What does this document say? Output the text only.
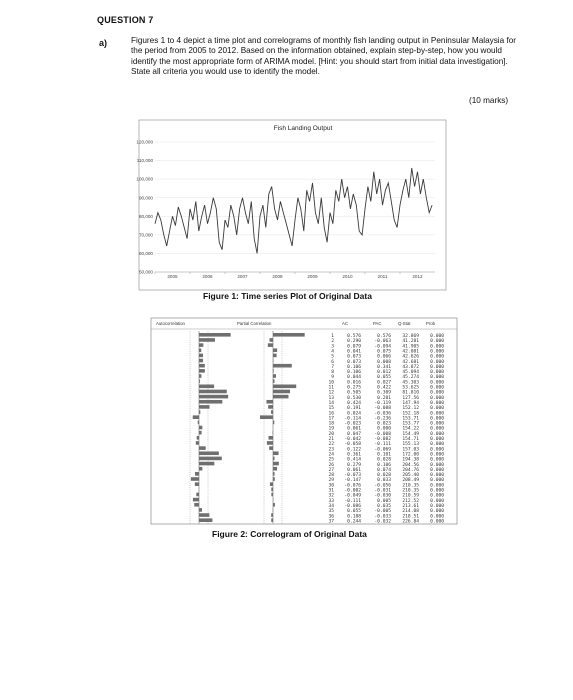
QUESTION 7
a)	Figures 1 to 4 depict a time plot and correlograms of monthly fish landing output in Peninsular Malaysia for the period from 2005 to 2012. Based on the information obtained, explain step-by-step, how you would identify the most appropriate form of ARIMA model. [Hint: you should start from initial data investigation]. State all criteria you would use to identify the model.
(10 marks)
Fish Landing Output
120,000
110,000
100,000
90,000
80,000
70,000
60,000
50,000
2005	2006	2007	2008	2009	2010	2011	2012
Figure 1: Time series Plot of Original Data
Autocorrelation	Partial Correlation	AC	PAC	Q-Stat	Prob
1	0.576	0.576 32.869 0.000
2	0.290	-0.063 41.281 0.000
3	0.079	-0.094 41.905 0.000
4	0.041	0.075 42.081 0.000
5	0.073	0.066 42.626 0.000
6	0.073	0.008 42.681 0.000
7	0.106	0.341 43.872 0.000
8	0.106	0.012 45.094 0.000
9	0.044	0.055 45.274 0.000
10	0.016	0.027 45.303 0.000
11	0.275	0.422 53.625 0.000
12	0.505	0.309 81.810 0.000
13	0.530	0.281 127.56 0.000
14	0.424	-0.119 147.94 0.000
15	0.191	-0.088 152.12 0.000
16	0.024	-0.036 152.18 0.000
17 -0.114	-0.236 153.71 0.000
18 -0.023	0.023 153.77 0.000
19	0.061	0.000 154.22 0.000
20	0.047	-0.008 154.49 0.000
21 -0.042	-0.082 154.71 0.000
22 -0.058	-0.111 155.13 0.000
23	0.122	-0.069 157.03 0.000
24	0.361	0.101 172.00 0.000
25	0.414	0.028 194.38 0.000
26	0.279	0.106 204.56 0.000
27	0.061	0.074 204.76 0.000
28 -0.073	0.028 205.40 0.000
29 -0.147	0.033 208.49 0.000
30 -0.076	-0.056 210.35 0.000
31 -0.002	-0.031 210.35 0.000
32 -0.049	-0.030 210.59 0.000
33 -0.111	0.005 212.52 0.000
34 -0.086	0.035 213.61 0.000
35	0.055	-0.005 214.08 0.000
36	0.188	-0.033 218.51 0.000
37	0.244	-0.032 226.84 0.000
Figure 2: Correlogram of Original Data
